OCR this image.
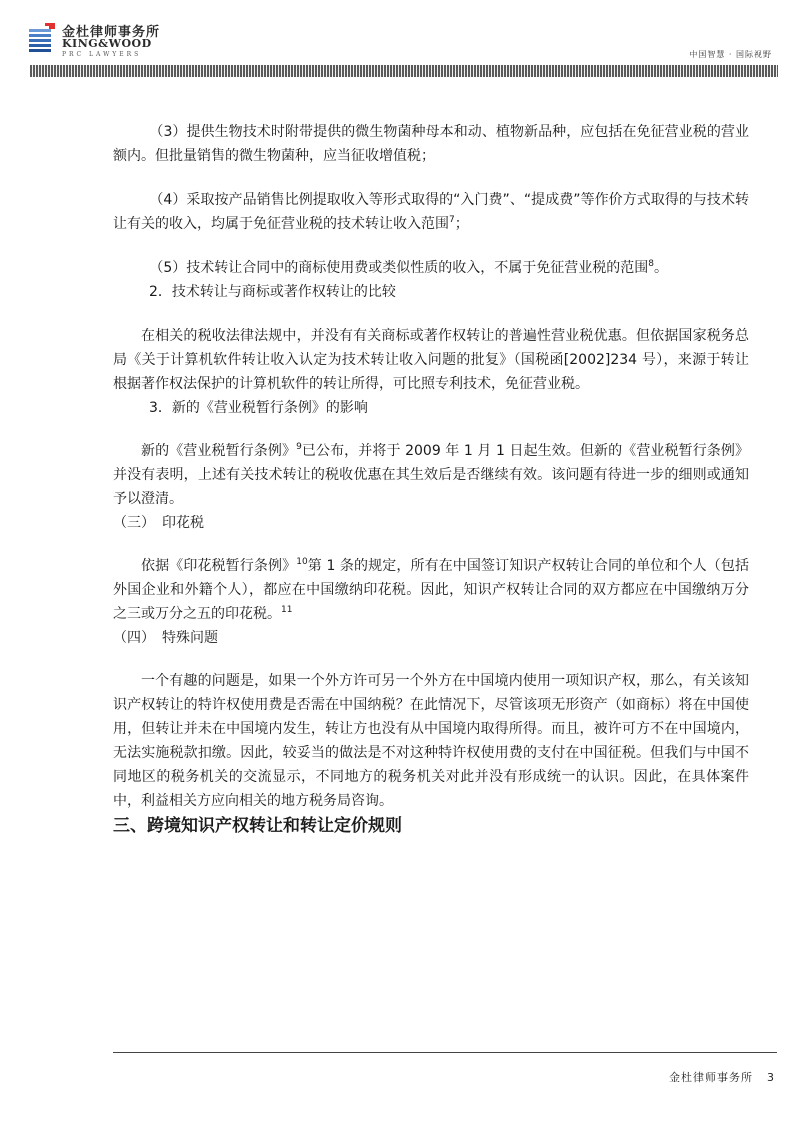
金杜律师事务所
KING&WOOD
PRC LAWYERS	中国智慧 · 国际视野

（3）提供生物技术时附带提供的微生物菌种母本和动、植物新品种，应包括在免征营业税的营业额内。但批量销售的微生物菌种，应当征收增值税；

（4）采取按产品销售比例提取收入等形式取得的“入门费”、“提成费”等作价方式取得的与技术转让有关的收入，均属于免征营业税的技术转让收入范围$^7$；

（5）技术转让合同中的商标使用费或类似性质的收入，不属于免征营业税的范围$^8$。

2．技术转让与商标或著作权转让的比较

在相关的税收法律法规中，并没有有关商标或著作权转让的普遍性营业税优惠。但依据国家税务总局《关于计算机软件转让收入认定为技术转让收入问题的批复》（国税函[2002]234 号），来源于转让根据著作权法保护的计算机软件的转让所得，可比照专利技术，免征营业税。

3．新的《营业税暂行条例》的影响

新的《营业税暂行条例》$^9$已公布，并将于 2009 年 1 月 1 日起生效。但新的《营业税暂行条例》并没有表明，上述有关技术转让的税收优惠在其生效后是否继续有效。该问题有待进一步的细则或通知予以澄清。

（三）　印花税

依据《印花税暂行条例》$^{10}$第 1 条的规定，所有在中国签订知识产权转让合同的单位和个人（包括外国企业和外籍个人），都应在中国缴纳印花税。因此，知识产权转让合同的双方都应在中国缴纳万分之三或万分之五的印花税。$^{11}$

（四）　特殊问题

一个有趣的问题是，如果一个外方许可另一个外方在中国境内使用一项知识产权，那么，有关该知识产权转让的特许权使用费是否需在中国纳税？在此情况下，尽管该项无形资产（如商标）将在中国使用，但转让并未在中国境内发生，转让方也没有从中国境内取得所得。而且，被许可方不在中国境内，无法实施税款扣缴。因此，较妥当的做法是不对这种特许权使用费的支付在中国征税。但我们与中国不同地区的税务机关的交流显示，不同地方的税务机关对此并没有形成统一的认识。因此，在具体案件中，利益相关方应向相关的地方税务局咨询。

三、跨境知识产权转让和转让定价规则
金杜律师事务所 3
